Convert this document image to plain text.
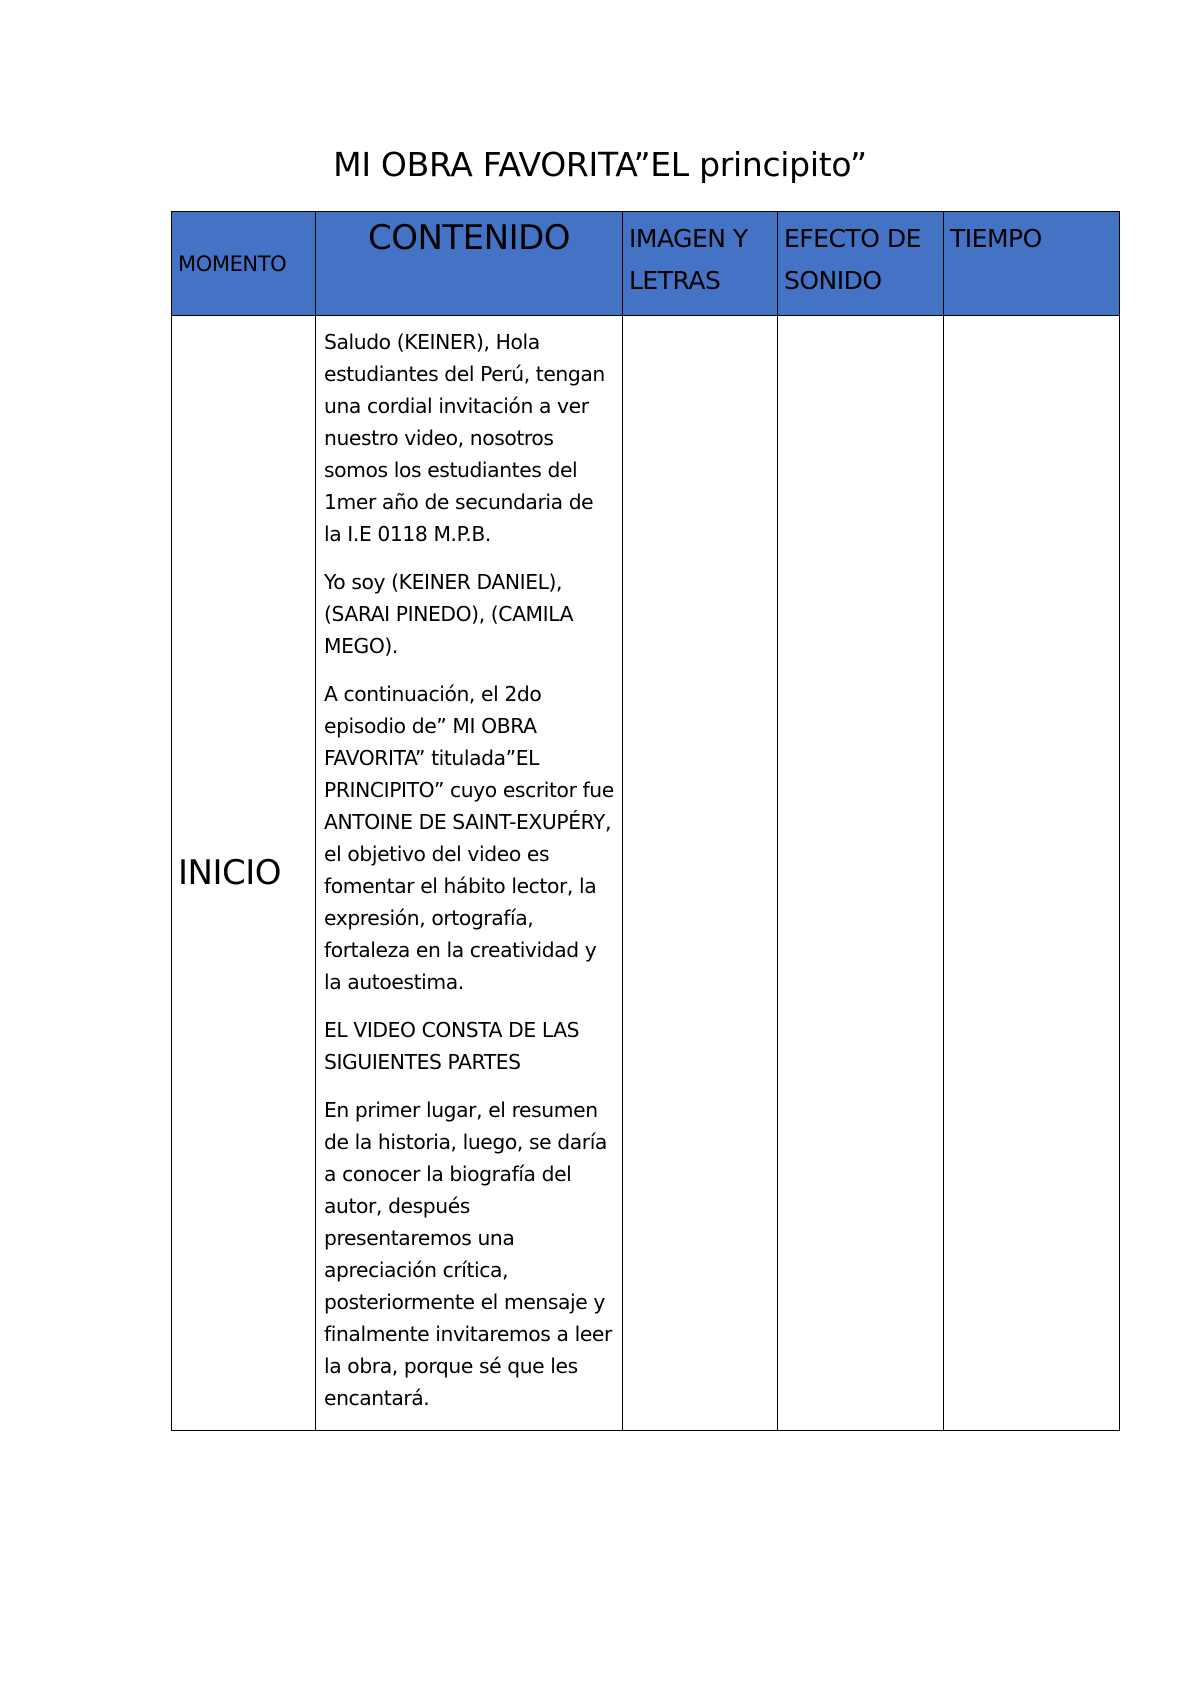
MI OBRA FAVORITA”EL principito”
MOMENTO	CONTENIDO	IMAGEN Y LETRAS	EFECTO DE SONIDO	TIEMPO

INICIO	Saludo (KEINER), Hola estudiantes del Perú, tengan una cordial invitación a ver nuestro video, nosotros somos los estudiantes del 1mer año de secundaria de la I.E 0118 M.P.B.

Yo soy (KEINER DANIEL), (SARAI PINEDO), (CAMILA MEGO).

A continuación, el 2do episodio de” MI OBRA FAVORITA” titulada”EL PRINCIPITO” cuyo escritor fue ANTOINE DE SAINT-EXUPÉRY, el objetivo del video es fomentar el hábito lector, la expresión, ortografía, fortaleza en la creatividad y la autoestima.

EL VIDEO CONSTA DE LAS SIGUIENTES PARTES

En primer lugar, el resumen de la historia, luego, se daría a conocer la biografía del autor, después presentaremos una apreciación crítica, posteriormente el mensaje y finalmente invitaremos a leer la obra, porque sé que les encantará.			
